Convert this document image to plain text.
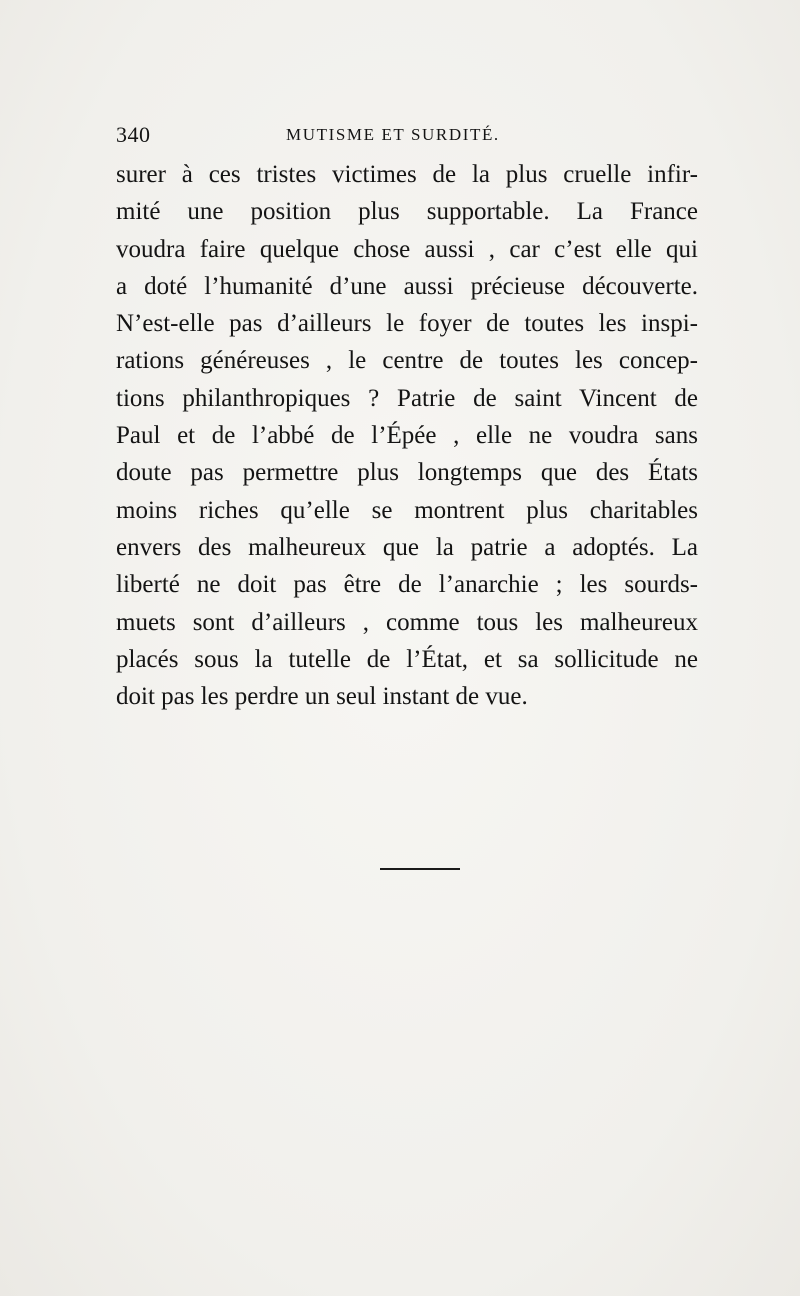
340	MUTISME ET SURDITÉ.
surer à ces tristes victimes de la plus cruelle infir-
mité une position plus supportable. La France
voudra faire quelque chose aussi , car c’est elle qui
a doté l’humanité d’une aussi précieuse découverte.
N’est-elle pas d’ailleurs le foyer de toutes les inspi-
rations généreuses , le centre de toutes les concep-
tions philanthropiques ? Patrie de saint Vincent de
Paul et de l’abbé de l’Épée , elle ne voudra sans
doute pas permettre plus longtemps que des États
moins riches qu’elle se montrent plus charitables
envers des malheureux que la patrie a adoptés. La
liberté ne doit pas être de l’anarchie ; les sourds-
muets sont d’ailleurs , comme tous les malheureux
placés sous la tutelle de l’État, et sa sollicitude ne
doit pas les perdre un seul instant de vue.
